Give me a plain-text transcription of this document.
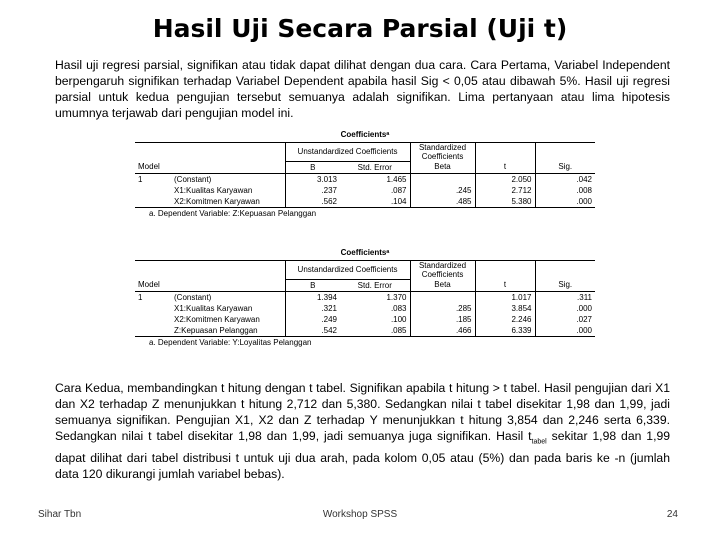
Hasil Uji Secara Parsial (Uji t)
Hasil uji regresi parsial, signifikan atau tidak dapat dilihat dengan dua cara. Cara Pertama, Variabel Independent berpengaruh signifikan terhadap Variabel Dependent apabila hasil Sig < 0,05 atau dibawah 5%. Hasil uji regresi parsial untuk kedua pengujian tersebut semuanya adalah signifikan. Lima pertanyaan atau lima hipotesis umumnya terjawab dari pengujian model ini.
Coefficientsᵃ
		Unstandardized Coefficients		Standardized Coefficients		
Model		B	Std. Error	Beta	t	Sig.
1	(Constant)	3.013	1.465		2.050	.042
	X1:Kualitas Karyawan	.237	.087	.245	2.712	.008
	X2:Komitmen Karyawan	.562	.104	.485	5.380	.000
a. Dependent Variable: Z:Kepuasan Pelanggan
Coefficientsᵃ
		Unstandardized Coefficients		Standardized Coefficients		
Model		B	Std. Error	Beta	t	Sig.
1	(Constant)	1.394	1.370		1.017	.311
	X1:Kualitas Karyawan	.321	.083	.285	3.854	.000
	X2:Komitmen Karyawan	.249	.100	.185	2.246	.027
	Z:Kepuasan Pelanggan	.542	.085	.466	6.339	.000
a. Dependent Variable: Y:Loyalitas Pelanggan
Cara Kedua, membandingkan t hitung dengan t tabel. Signifikan apabila t hitung > t tabel. Hasil pengujian dari X1 dan X2 terhadap Z menunjukkan t hitung 2,712 dan 5,380. Sedangkan nilai t tabel disekitar 1,98 dan 1,99, jadi semuanya signifikan. Pengujian X1, X2 dan Z terhadap Y menunjukkan t hitung 3,854 dan 2,246 serta 6,339. Sedangkan nilai t tabel disekitar 1,98 dan 1,99, jadi semuanya juga signifikan. Hasil $t_{tabel}$ sekitar 1,98 dan 1,99 dapat dilihat dari tabel distribusi t untuk uji dua arah, pada kolom 0,05 atau (5%) dan pada baris ke -n (jumlah data 120 dikurangi jumlah variabel bebas).
Sihar Tbn	Workshop SPSS	24
